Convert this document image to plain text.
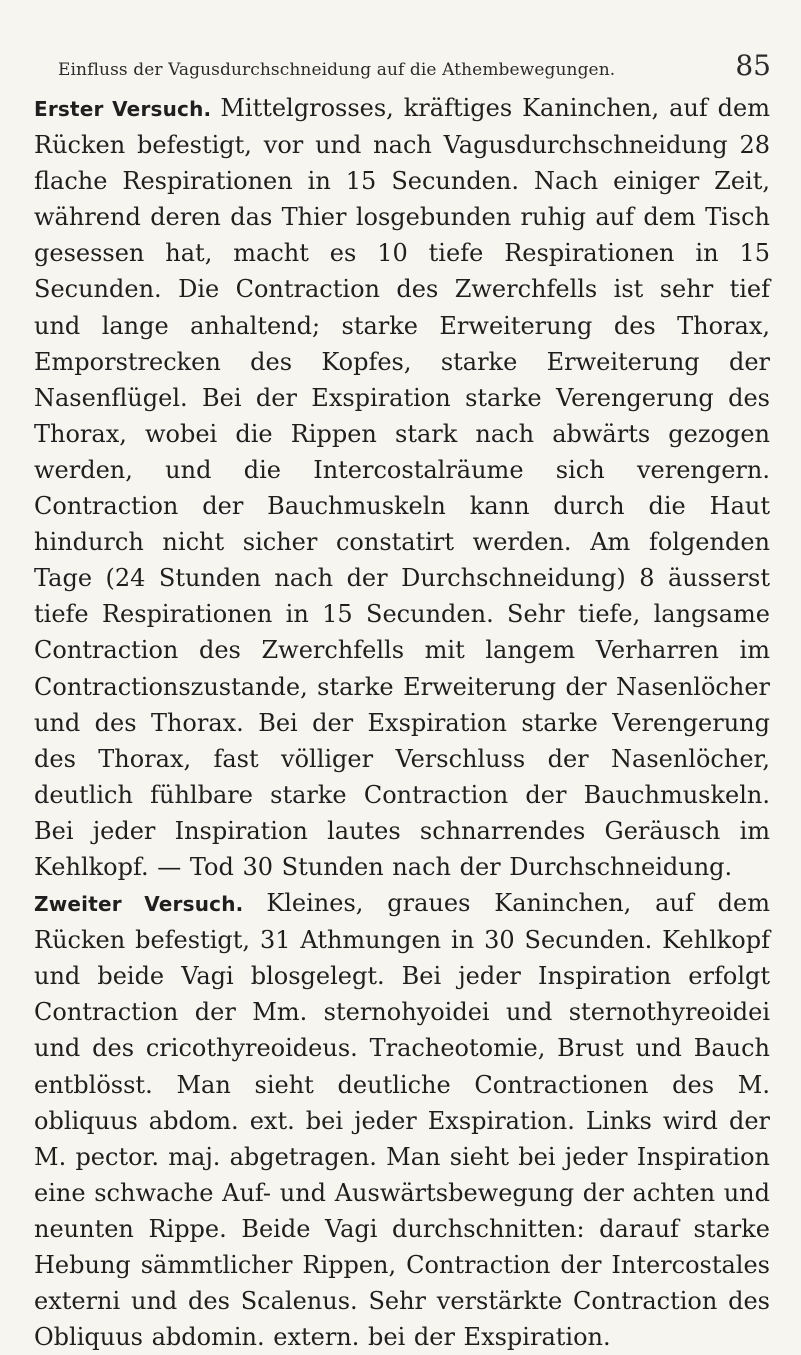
Einfluss der Vagusdurchschneidung auf die Athembewegungen.	85

Erster Versuch. Mittelgrosses, kräftiges Kaninchen, auf dem Rücken befestigt, vor und nach Vagusdurchschneidung 28 flache Respirationen in 15 Secunden. Nach einiger Zeit, während deren das Thier losgebunden ruhig auf dem Tisch gesessen hat, macht es 10 tiefe Respirationen in 15 Secunden. Die Contraction des Zwerchfells ist sehr tief und lange anhaltend; starke Erweiterung des Thorax, Emporstrecken des Kopfes, starke Erweiterung der Nasenflügel. Bei der Exspiration starke Verengerung des Thorax, wobei die Rippen stark nach abwärts gezogen werden, und die Intercostalräume sich verengern. Contraction der Bauchmuskeln kann durch die Haut hindurch nicht sicher constatirt werden. Am folgenden Tage (24 Stunden nach der Durchschneidung) 8 äusserst tiefe Respirationen in 15 Secunden. Sehr tiefe, langsame Contraction des Zwerchfells mit langem Verharren im Contractionszustande, starke Erweiterung der Nasenlöcher und des Thorax. Bei der Exspiration starke Verengerung des Thorax, fast völliger Verschluss der Nasenlöcher, deutlich fühlbare starke Contraction der Bauchmuskeln. Bei jeder Inspiration lautes schnarrendes Geräusch im Kehlkopf. — Tod 30 Stunden nach der Durchschneidung.

Zweiter Versuch. Kleines, graues Kaninchen, auf dem Rücken befestigt, 31 Athmungen in 30 Secunden. Kehlkopf und beide Vagi blosgelegt. Bei jeder Inspiration erfolgt Contraction der Mm. sternohyoidei und sternothyreoidei und des cricothyreoideus. Tracheotomie, Brust und Bauch entblösst. Man sieht deutliche Contractionen des M. obliquus abdom. ext. bei jeder Exspiration. Links wird der M. pector. maj. abgetragen. Man sieht bei jeder Inspiration eine schwache Auf- und Auswärtsbewegung der achten und neunten Rippe. Beide Vagi durchschnitten: darauf starke Hebung sämmtlicher Rippen, Contraction der Intercostales externi und des Scalenus. Sehr verstärkte Contraction des Obliquus abdomin. extern. bei der Exspiration.
